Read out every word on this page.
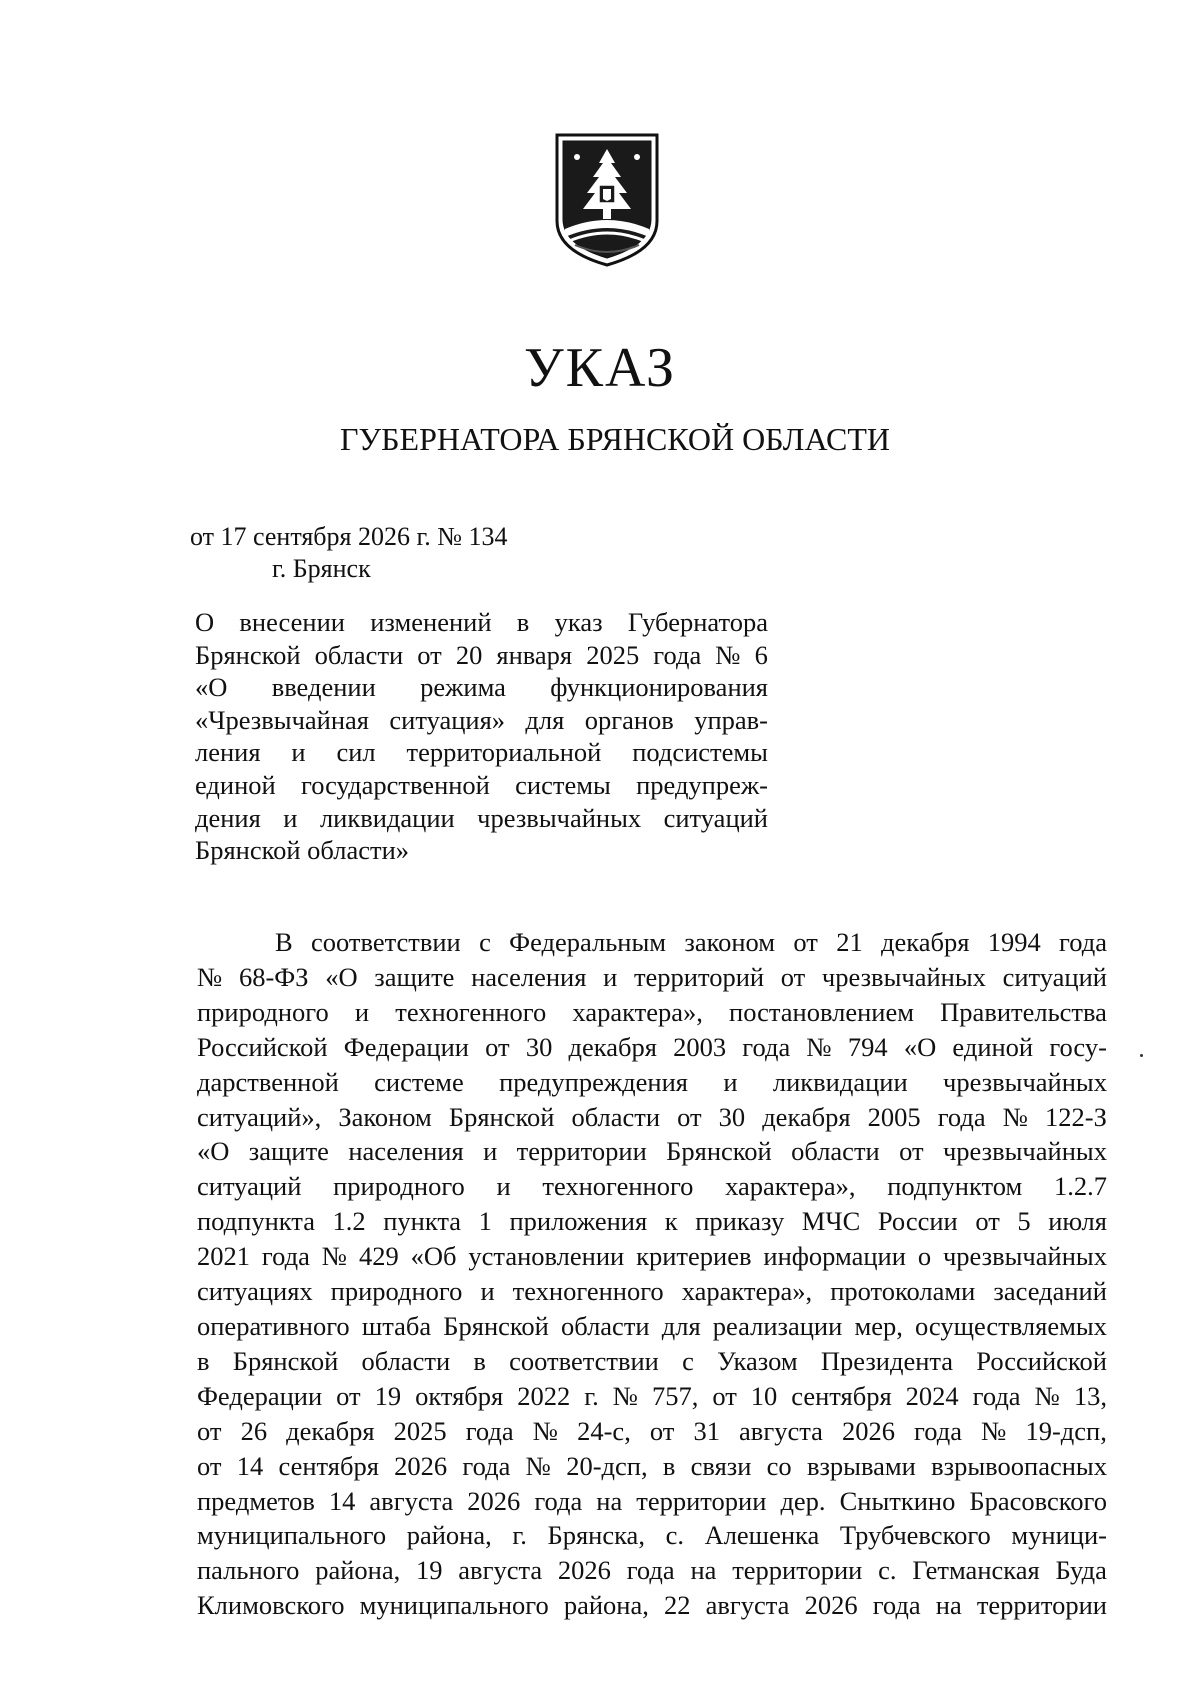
УКАЗ
ГУБЕРНАТОРА БРЯНСКОЙ ОБЛАСТИ
от 17 сентября 2026 г. № 134
г. Брянск
О внесении изменений в указ Губернатора
Брянской области от 20 января 2025 года № 6
«О введении режима функционирования
«Чрезвычайная ситуация» для органов управ-
ления и сил территориальной подсистемы
единой государственной системы предупреж-
дения и ликвидации чрезвычайных ситуаций
Брянской области»
В соответствии с Федеральным законом от 21 декабря 1994 года
№ 68-ФЗ «О защите населения и территорий от чрезвычайных ситуаций
природного и техногенного характера», постановлением Правительства
Российской Федерации от 30 декабря 2003 года № 794 «О единой госу-
дарственной системе предупреждения и ликвидации чрезвычайных
ситуаций», Законом Брянской области от 30 декабря 2005 года № 122-З
«О защите населения и территории Брянской области от чрезвычайных
ситуаций природного и техногенного характера», подпунктом 1.2.7
подпункта 1.2 пункта 1 приложения к приказу МЧС России от 5 июля
2021 года № 429 «Об установлении критериев информации о чрезвычайных
ситуациях природного и техногенного характера», протоколами заседаний
оперативного штаба Брянской области для реализации мер, осуществляемых
в Брянской области в соответствии с Указом Президента Российской
Федерации от 19 октября 2022 г. № 757, от 10 сентября 2024 года № 13,
от 26 декабря 2025 года № 24-с, от 31 августа 2026 года № 19-дсп,
от 14 сентября 2026 года № 20-дсп, в связи со взрывами взрывоопасных
предметов 14 августа 2026 года на территории дер. Сныткино Брасовского
муниципального района, г. Брянска, с. Алешенка Трубчевского муници-
пального района, 19 августа 2026 года на территории с. Гетманская Буда
Климовского муниципального района, 22 августа 2026 года на территории
